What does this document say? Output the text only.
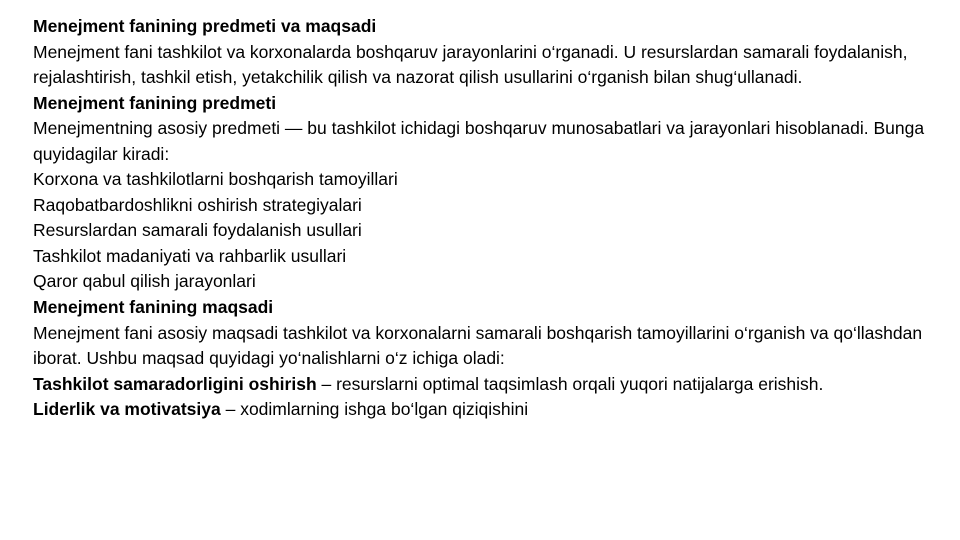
Menejment fanining predmeti va maqsadi

Menejment fani tashkilot va korxonalarda boshqaruv jarayonlarini o‘rganadi. U resurslardan samarali foydalanish, rejalashtirish, tashkil etish, yetakchilik qilish va nazorat qilish usullarini o‘rganish bilan shug‘ullanadi.

Menejment fanining predmeti

Menejmentning asosiy predmeti — bu tashkilot ichidagi boshqaruv munosabatlari va jarayonlari hisoblanadi. Bunga quyidagilar kiradi:

Korxona va tashkilotlarni boshqarish tamoyillari

Raqobatbardoshlikni oshirish strategiyalari

Resurslardan samarali foydalanish usullari

Tashkilot madaniyati va rahbarlik usullari

Qaror qabul qilish jarayonlari

Menejment fanining maqsadi

Menejment fani asosiy maqsadi tashkilot va korxonalarni samarali boshqarish tamoyillarini o‘rganish va qo‘llashdan iborat. Ushbu maqsad quyidagi yo‘nalishlarni o‘z ichiga oladi:

Tashkilot samaradorligini oshirish – resurslarni optimal taqsimlash orqali yuqori natijalarga erishish.

Liderlik va motivatsiya – xodimlarning ishga bo‘lgan qiziqishini
